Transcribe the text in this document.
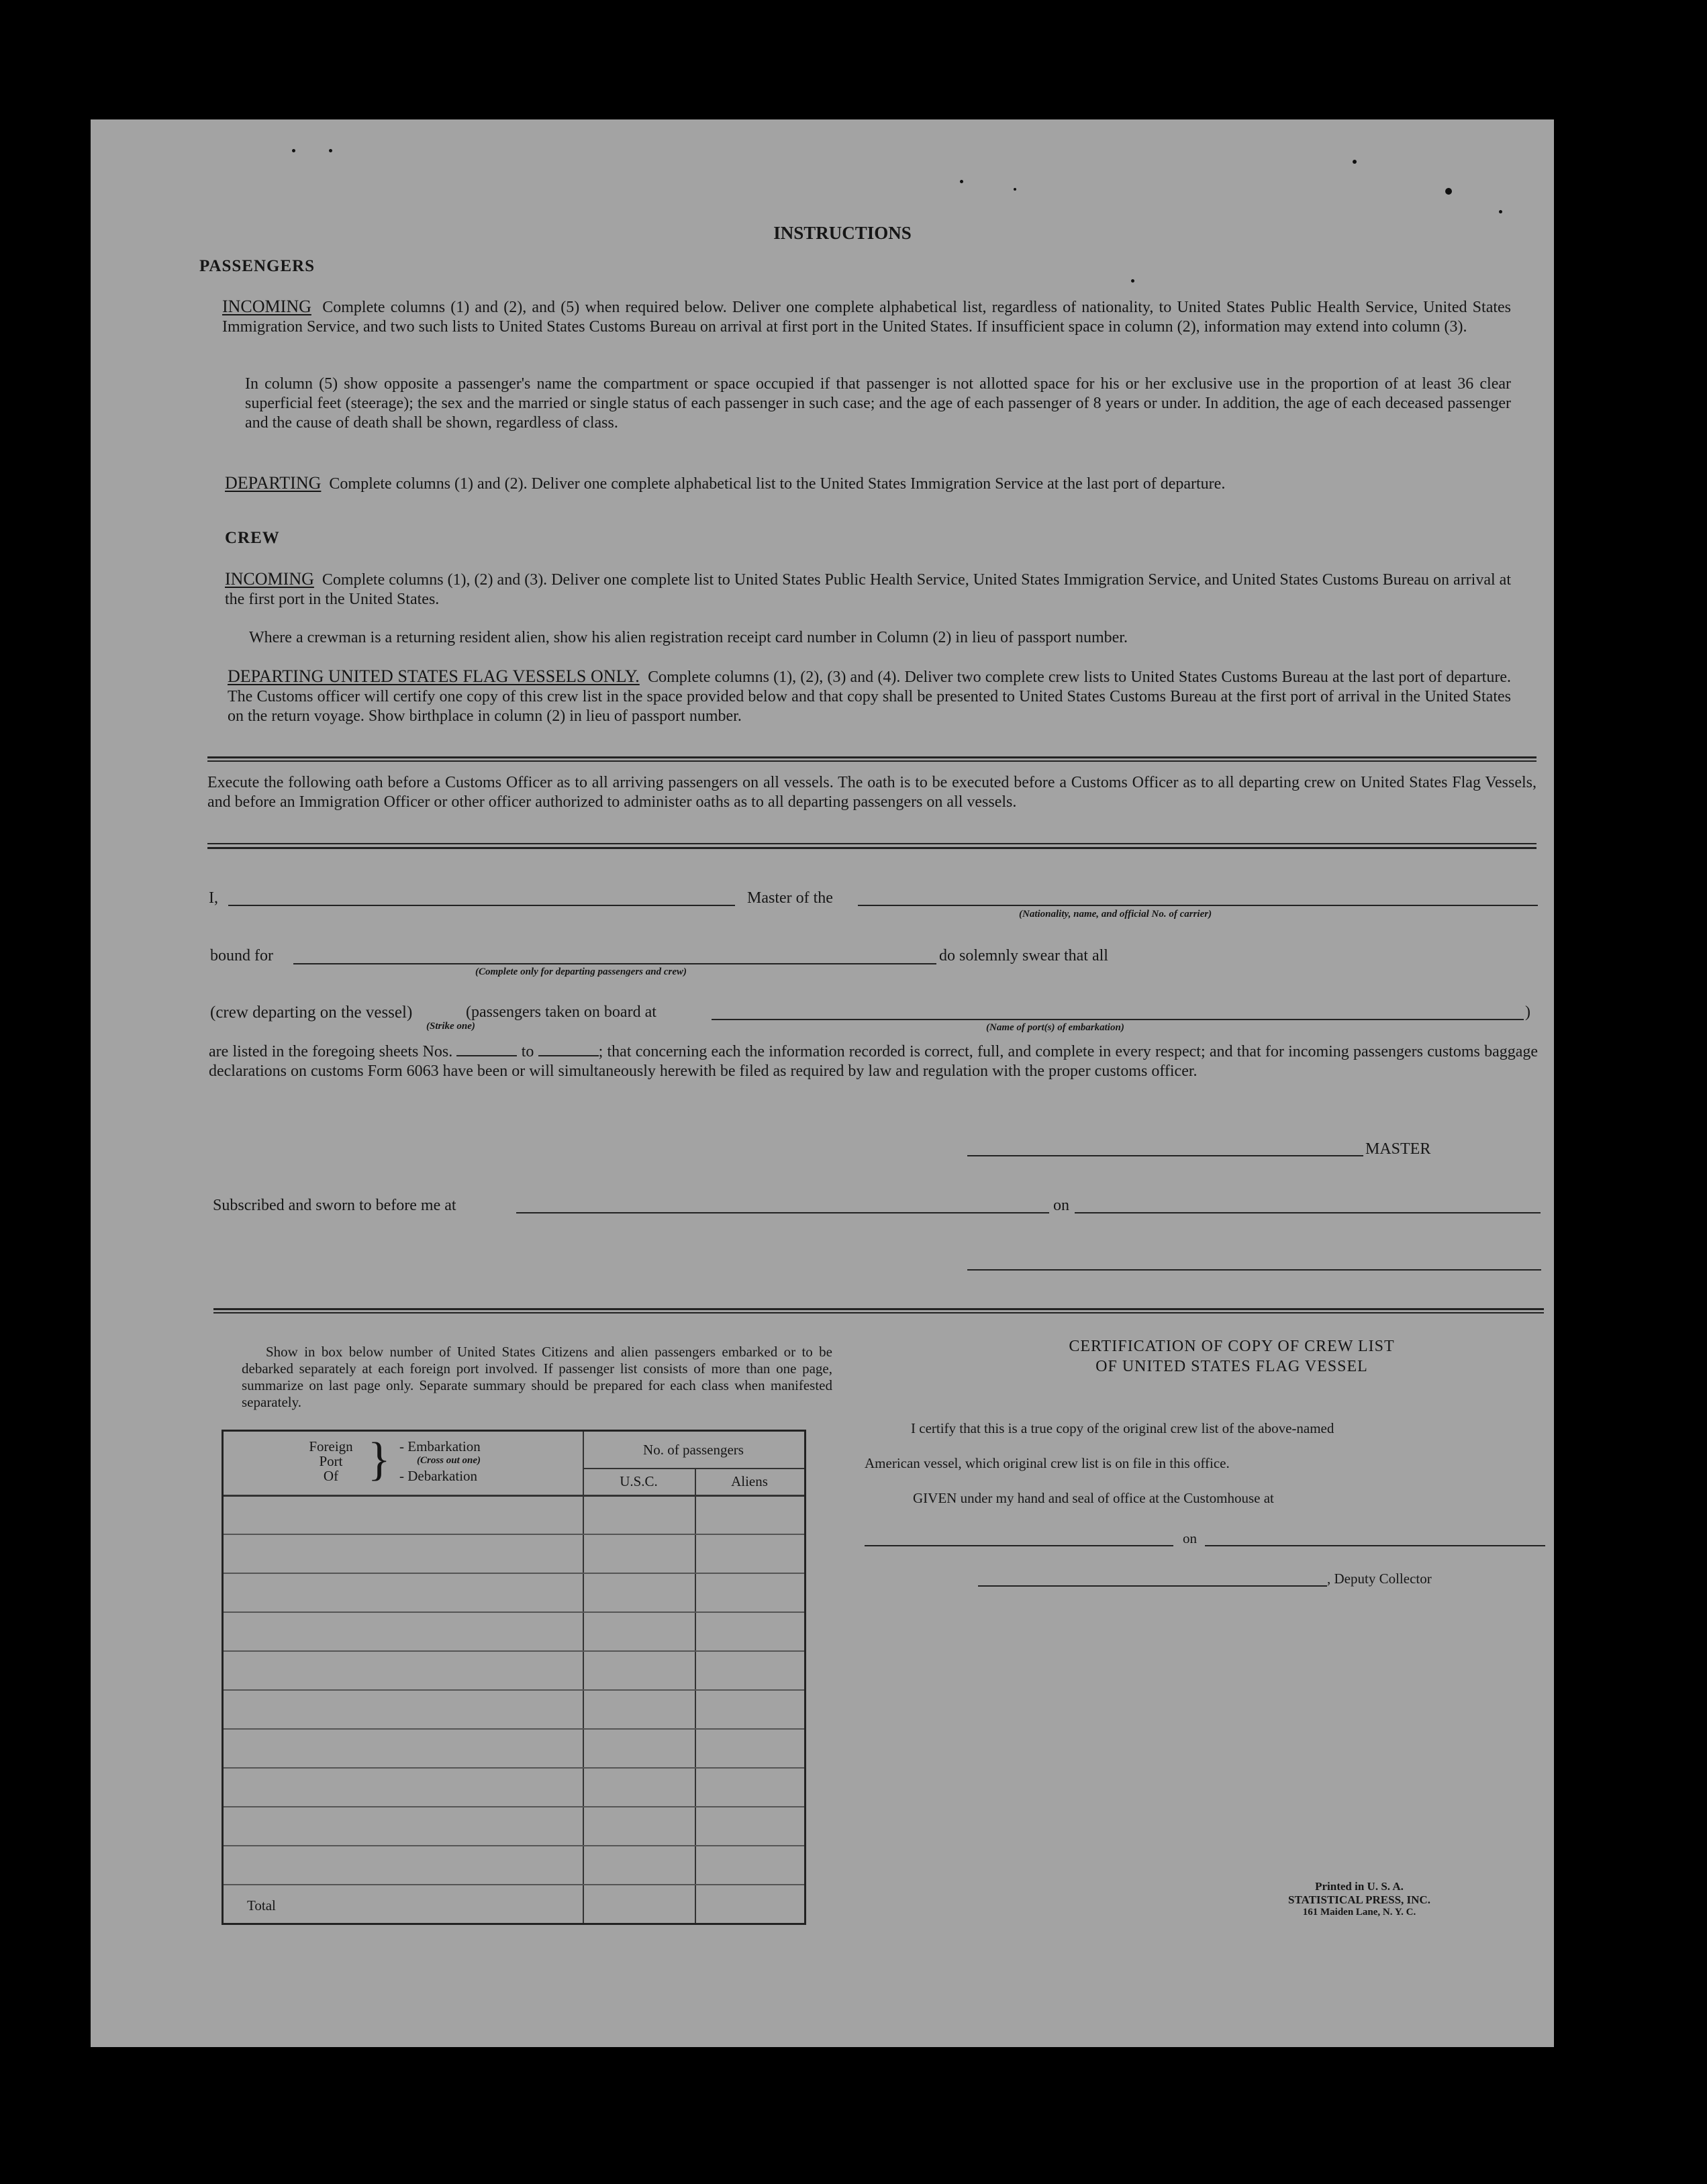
INSTRUCTIONS
PASSENGERS
INCOMING Complete columns (1) and (2), and (5) when required below. Deliver one complete alphabetical list, regardless of nationality, to United States Public Health Service, United States Immigration Service, and two such lists to United States Customs Bureau on arrival at first port in the United States. If insufficient space in column (2), information may extend into column (3).
In column (5) show opposite a passenger's name the compartment or space occupied if that passenger is not allotted space for his or her exclusive use in the proportion of at least 36 clear superficial feet (steerage); the sex and the married or single status of each passenger in such case; and the age of each passenger of 8 years or under. In addition, the age of each deceased passenger and the cause of death shall be shown, regardless of class.
DEPARTING Complete columns (1) and (2). Deliver one complete alphabetical list to the United States Immigration Service at the last port of departure.
CREW
INCOMING Complete columns (1), (2) and (3). Deliver one complete list to United States Public Health Service, United States Immigration Service, and United States Customs Bureau on arrival at the first port in the United States.
Where a crewman is a returning resident alien, show his alien registration receipt card number in Column (2) in lieu of passport number.
DEPARTING UNITED STATES FLAG VESSELS ONLY. Complete columns (1), (2), (3) and (4). Deliver two complete crew lists to United States Customs Bureau at the last port of departure. The Customs officer will certify one copy of this crew list in the space provided below and that copy shall be presented to United States Customs Bureau at the first port of arrival in the United States on the return voyage. Show birthplace in column (2) in lieu of passport number.
Execute the following oath before a Customs Officer as to all arriving passengers on all vessels. The oath is to be executed before a Customs Officer as to all departing crew on United States Flag Vessels, and before an Immigration Officer or other officer authorized to administer oaths as to all departing passengers on all vessels.
I,	Master of the
(Nationality, name, and official No. of carrier)
bound for
(Complete only for departing passengers and crew)
do solemnly swear that all
(crew departing on the vessel)
(Strike one)
(passengers taken on board at
(Name of port(s) of embarkation)
)
are listed in the foregoing sheets Nos.	to	; that concerning each the information recorded is correct, full, and complete in every respect; and that for incoming passengers customs baggage declarations on customs Form 6063 have been or will simultaneously herewith be filed as required by law and regulation with the proper customs officer.
MASTER
Subscribed and sworn to before me at	on
Show in box below number of United States Citizens and alien passengers embarked or to be debarked separately at each foreign port involved. If passenger list consists of more than one page, summarize on last page only. Separate summary should be prepared for each class when manifested separately.
Foreign
Port
Of } - Embarkation
(Cross out one)
- Debarkation
No. of passengers
U.S.C.	Aliens
Total
CERTIFICATION OF COPY OF CREW LIST
OF UNITED STATES FLAG VESSEL
I certify that this is a true copy of the original crew list of the above-named
American vessel, which original crew list is on file in this office.
GIVEN under my hand and seal of office at the Customhouse at
on
, Deputy Collector
Printed in U. S. A.
STATISTICAL PRESS, INC.
161 Maiden Lane, N. Y. C.
